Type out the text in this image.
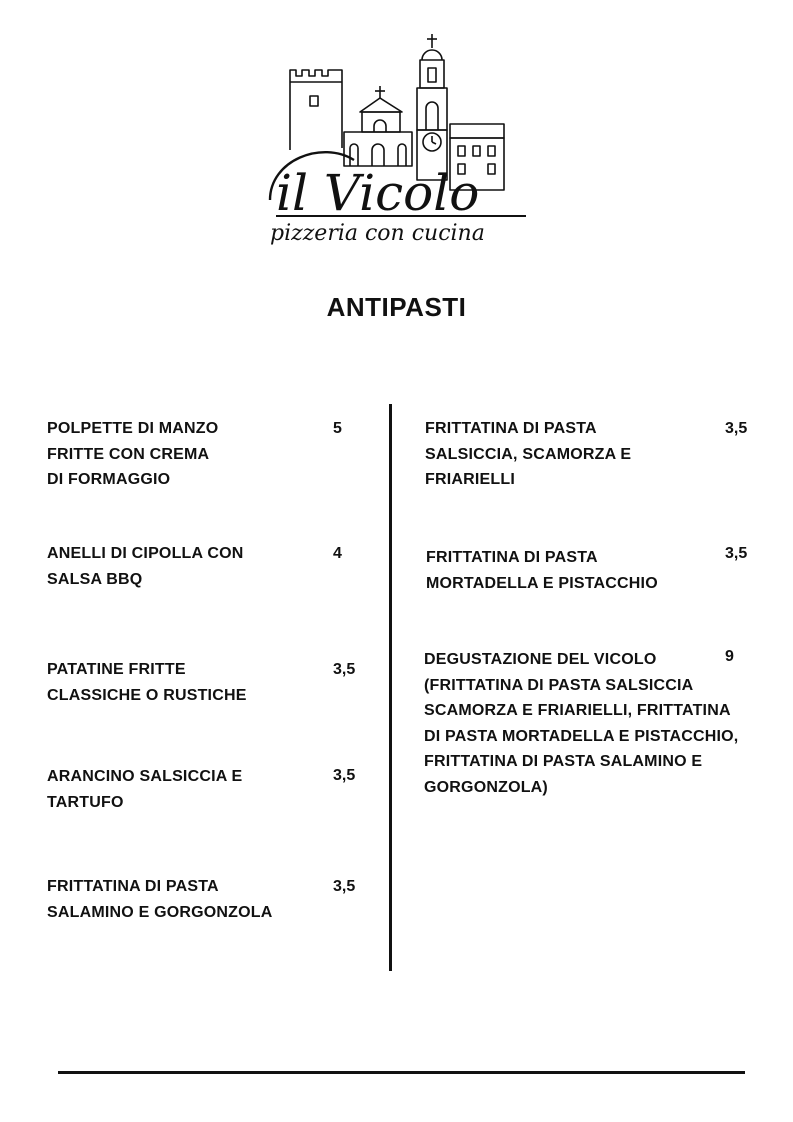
il Vicolo
pizzeria con cucina
ANTIPASTI
POLPETTE DI MANZO
FRITTE CON CREMA
DI FORMAGGIO
5
ANELLI DI CIPOLLA CON
SALSA BBQ
4
PATATINE FRITTE
CLASSICHE O RUSTICHE
3,5
ARANCINO SALSICCIA E
TARTUFO
3,5
FRITTATINA DI PASTA
SALAMINO E GORGONZOLA
3,5
FRITTATINA DI PASTA
SALSICCIA, SCAMORZA E
FRIARIELLI
3,5
FRITTATINA DI PASTA
MORTADELLA E PISTACCHIO
3,5
DEGUSTAZIONE DEL VICOLO
(FRITTATINA DI PASTA SALSICCIA
SCAMORZA E FRIARIELLI, FRITTATINA
DI PASTA MORTADELLA E PISTACCHIO,
FRITTATINA DI PASTA SALAMINO E
GORGONZOLA)
9
